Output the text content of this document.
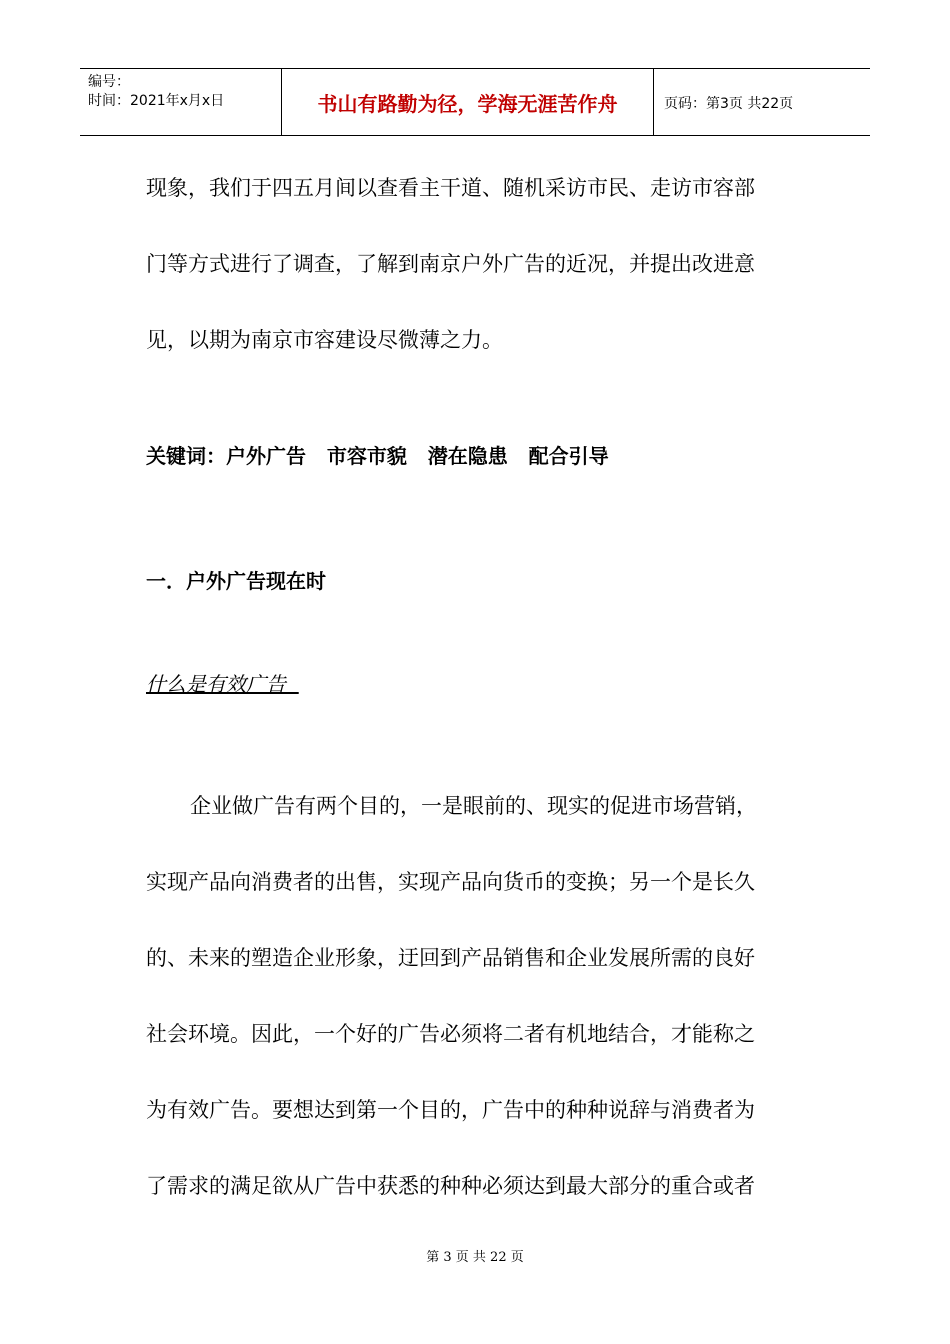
编号：
时间：2021年x月x日	书山有路勤为径，学海无涯苦作舟	页码：第3页 共22页

现象，我们于四五月间以查看主干道、随机采访市民、走访市容部

门等方式进行了调查，了解到南京户外广告的近况，并提出改进意

见，以期为南京市容建设尽微薄之力。

关键词：户外广告   市容市貌   潜在隐患   配合引导
一．户外广告现在时
什么是有效广告

企业做广告有两个目的，一是眼前的、现实的促进市场营销，

实现产品向消费者的出售，实现产品向货币的变换；另一个是长久

的、未来的塑造企业形象，迂回到产品销售和企业发展所需的良好

社会环境。因此，一个好的广告必须将二者有机地结合，才能称之

为有效广告。要想达到第一个目的，广告中的种种说辞与消费者为

了需求的满足欲从广告中获悉的种种必须达到最大部分的重合或者

第 3 页 共 22 页
